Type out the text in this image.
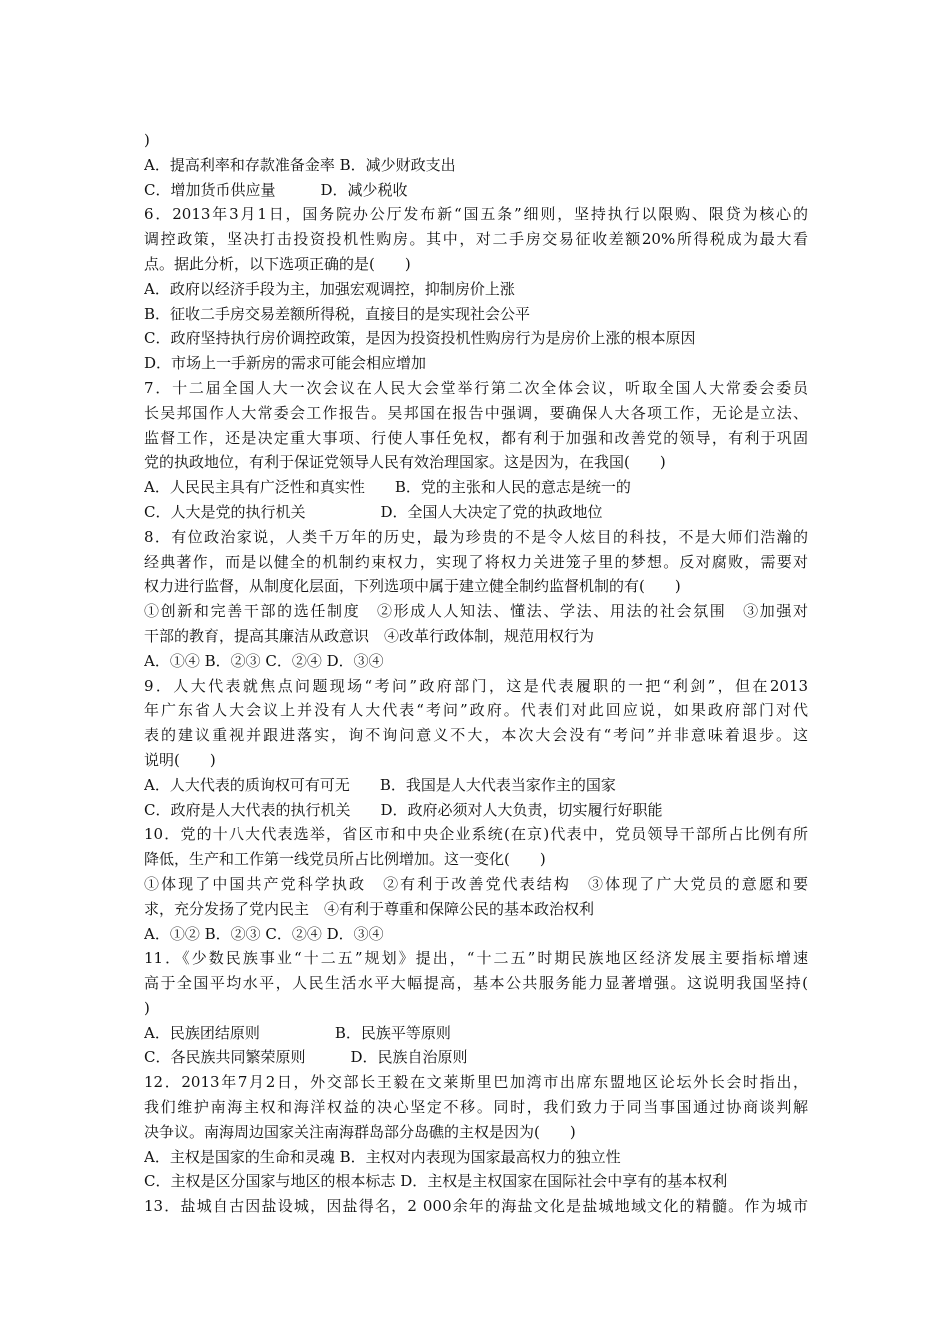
)
A．提高利率和存款准备金率 B．减少财政支出
C．增加货币供应量　　　D．减少税收
6．2013年3月1日，国务院办公厅发布新“国五条”细则，坚持执行以限购、限贷为核心的
调控政策，坚决打击投资投机性购房。其中，对二手房交易征收差额20%所得税成为最大看
点。据此分析，以下选项正确的是(　　)
A．政府以经济手段为主，加强宏观调控，抑制房价上涨
B．征收二手房交易差额所得税，直接目的是实现社会公平
C．政府坚持执行房价调控政策，是因为投资投机性购房行为是房价上涨的根本原因
D．市场上一手新房的需求可能会相应增加
7．十二届全国人大一次会议在人民大会堂举行第二次全体会议，听取全国人大常委会委员
长吴邦国作人大常委会工作报告。吴邦国在报告中强调，要确保人大各项工作，无论是立法、
监督工作，还是决定重大事项、行使人事任免权，都有利于加强和改善党的领导，有利于巩固
党的执政地位，有利于保证党领导人民有效治理国家。这是因为，在我国(　　)
A．人民民主具有广泛性和真实性　　B．党的主张和人民的意志是统一的
C．人大是党的执行机关　　　　　D．全国人大决定了党的执政地位
8．有位政治家说，人类千万年的历史，最为珍贵的不是令人炫目的科技，不是大师们浩瀚的
经典著作，而是以健全的机制约束权力，实现了将权力关进笼子里的梦想。反对腐败，需要对
权力进行监督，从制度化层面，下列选项中属于建立健全制约监督机制的有(　　)
①创新和完善干部的选任制度　②形成人人知法、懂法、学法、用法的社会氛围　③加强对
干部的教育，提高其廉洁从政意识　④改革行政体制，规范用权行为
A．①④ B．②③ C．②④ D．③④
9．人大代表就焦点问题现场“考问”政府部门，这是代表履职的一把“利剑”，但在2013
年广东省人大会议上并没有人大代表“考问”政府。代表们对此回应说，如果政府部门对代
表的建议重视并跟进落实，询不询问意义不大，本次大会没有“考问”并非意味着退步。这
说明(　　)
A．人大代表的质询权可有可无　　B．我国是人大代表当家作主的国家
C．政府是人大代表的执行机关　　D．政府必须对人大负责，切实履行好职能
10．党的十八大代表选举，省区市和中央企业系统(在京)代表中，党员领导干部所占比例有所
降低，生产和工作第一线党员所占比例增加。这一变化(　　)
①体现了中国共产党科学执政　②有利于改善党代表结构　③体现了广大党员的意愿和要
求，充分发扬了党内民主　④有利于尊重和保障公民的基本政治权利
A．①② B．②③ C．②④ D．③④
11．《少数民族事业“十二五”规划》提出，“十二五”时期民族地区经济发展主要指标增速
高于全国平均水平，人民生活水平大幅提高，基本公共服务能力显著增强。这说明我国坚持(
)
A．民族团结原则　　　　　B．民族平等原则
C．各民族共同繁荣原则　　　D．民族自治原则
12．2013年7月2日，外交部长王毅在文莱斯里巴加湾市出席东盟地区论坛外长会时指出，
我们维护南海主权和海洋权益的决心坚定不移。同时，我们致力于同当事国通过协商谈判解
决争议。南海周边国家关注南海群岛部分岛礁的主权是因为(　　)
A．主权是国家的生命和灵魂 B．主权对内表现为国家最高权力的独立性
C．主权是区分国家与地区的根本标志 D．主权是主权国家在国际社会中享有的基本权利
13．盐城自古因盐设城，因盐得名，2 000余年的海盐文化是盐城地域文化的精髓。作为城市
